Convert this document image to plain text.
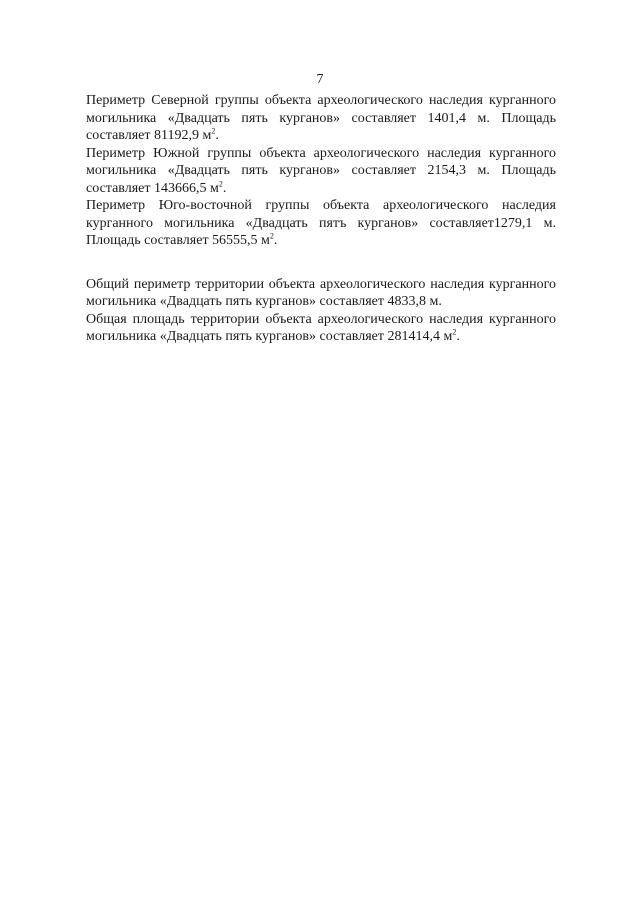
7

Периметр Северной группы объекта археологического наследия курганного могильника «Двадцать пять курганов» составляет 1401,4 м. Площадь составляет 81192,9 $м^2$.

Периметр Южной группы объекта археологического наследия курганного могильника «Двадцать пять курганов» составляет 2154,3 м. Площадь составляет 143666,5 $м^2$.

Периметр Юго-восточной группы объекта археологического наследия курганного могильника «Двадцать пятъ курганов» составляет1279,1 м. Площадь составляет 56555,5 $м^2$.

Общий периметр территории объекта археологического наследия курганного могильника «Двадцать пять курганов» составляет 4833,8 м.

Общая площадь территории объекта археологического наследия курганного могильника «Двадцать пять курганов» составляет 281414,4 $м^2$.
